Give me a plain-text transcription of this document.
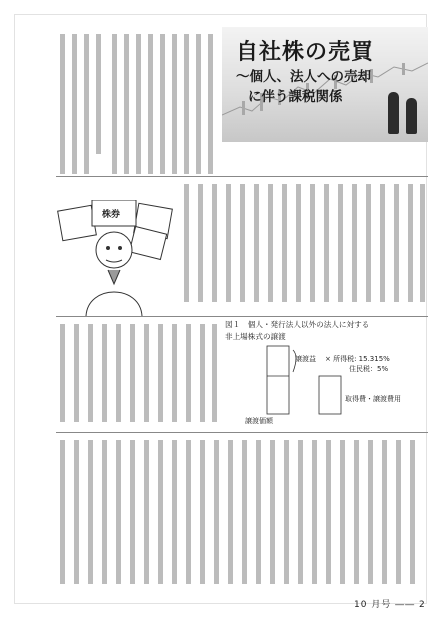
自社株の売買
～個人、法人への売却
に伴う課税関係
株券
図１　個人・発行法人以外の法人に対する
非上場株式の譲渡
譲渡益 × 所得税: 15.315%
住民税：5%
取得費・譲渡費用
譲渡価額
10 月号 ―― 2
